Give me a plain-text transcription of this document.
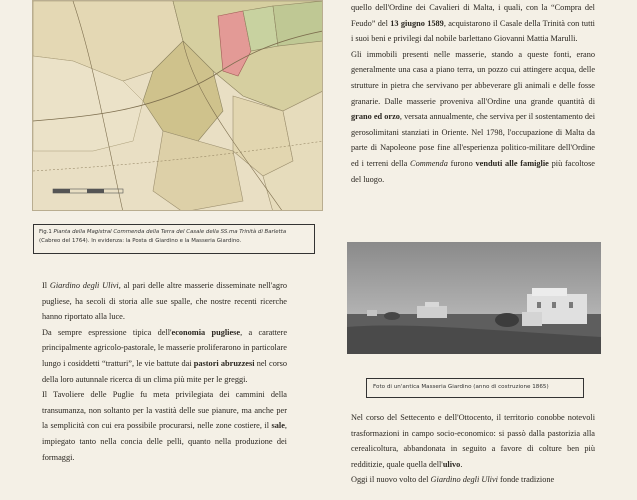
Fig.1 Pianta della Magistral Commenda della Terra del Casale della SS.ma Trinità di Barletta (Cabreo del 1764). In evidenza: la Posta di Giardino e la Masseria Giardino.

quello dell'Ordine dei Cavalieri di Malta, i quali, con la “Compra del Feudo” del 13 giugno 1589, acquistarono il Casale della Trinità con tutti i suoi beni e privilegi dal nobile barlettano Giovanni Mattia Marulli.

Gli immobili presenti nelle masserie, stando a queste fonti, erano generalmente una casa a piano terra, un pozzo cui attingere acqua, delle strutture in pietra che servivano per abbeverare gli animali e delle fosse granarie. Dalle masserie proveniva all'Ordine una grande quantità di grano ed orzo, versata annualmente, che serviva per il sostentamento dei gerosolimitani stanziati in Oriente. Nel 1798, l'occupazione di Malta da parte di Napoleone pose fine all'esperienza politico-militare dell'Ordine ed i terreni della Commenda furono venduti alle famiglie più facoltose del luogo.

Foto di un'antica Masseria Giardino (anno di costruzione 1865)

Il Giardino degli Ulivi, al pari delle altre masserie disseminate nell'agro pugliese, ha secoli di storia alle sue spalle, che nostre recenti ricerche hanno riportato alla luce.

Da sempre espressione tipica dell'economia pugliese, a carattere principalmente agricolo-pastorale, le masserie proliferarono in particolare lungo i cosiddetti “tratturi”, le vie battute dai pastori abruzzesi nel corso della loro autunnale ricerca di un clima più mite per le greggi.

Il Tavoliere delle Puglie fu meta privilegiata dei cammini della transumanza, non soltanto per la vastità delle sue pianure, ma anche per la semplicità con cui era possibile procurarsi, nelle zone costiere, il sale, impiegato tanto nella concia delle pelli, quanto nella produzione dei formaggi.

Nel corso del Settecento e dell'Ottocento, il territorio conobbe notevoli trasformazioni in campo socio-economico: si passò dalla pastorizia alla cerealicoltura, abbandonata in seguito a favore di colture ben più redditizie, quale quella dell'ulivo.

Oggi il nuovo volto del Giardino degli Ulivi fonde tradizione
